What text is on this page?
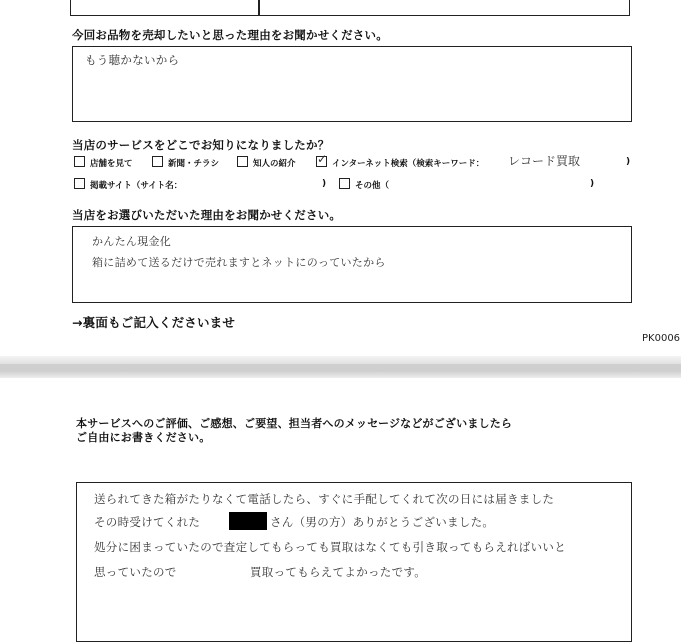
今回お品物を売却したいと思った理由をお聞かせください。
もう聴かないから
当店のサービスをどこでお知りになりましたか？
店舗を見て	新聞・チラシ	知人の紹介 ✓ インターネット検索（検索キーワード： レコード買取	)
掲載サイト（サイト名：	)	その他（	)
当店をお選びいただいた理由をお聞かせください。
かんたん現金化
箱に詰めて送るだけで売れますとネットにのっていたから
→裏面もご記入くださいませ
PK0006
本サービスへのご評価、ご感想、ご要望、担当者へのメッセージなどがございましたら
ご自由にお書きください。
送られてきた箱がたりなくて電話したら、すぐに手配してくれて次の日には届きました
その時受けてくれた	さん（男の方）ありがとうございました。
処分に困まっていたので査定してもらっても買取はなくても引き取ってもらえればいいと
思っていたので	買取ってもらえてよかったです。
